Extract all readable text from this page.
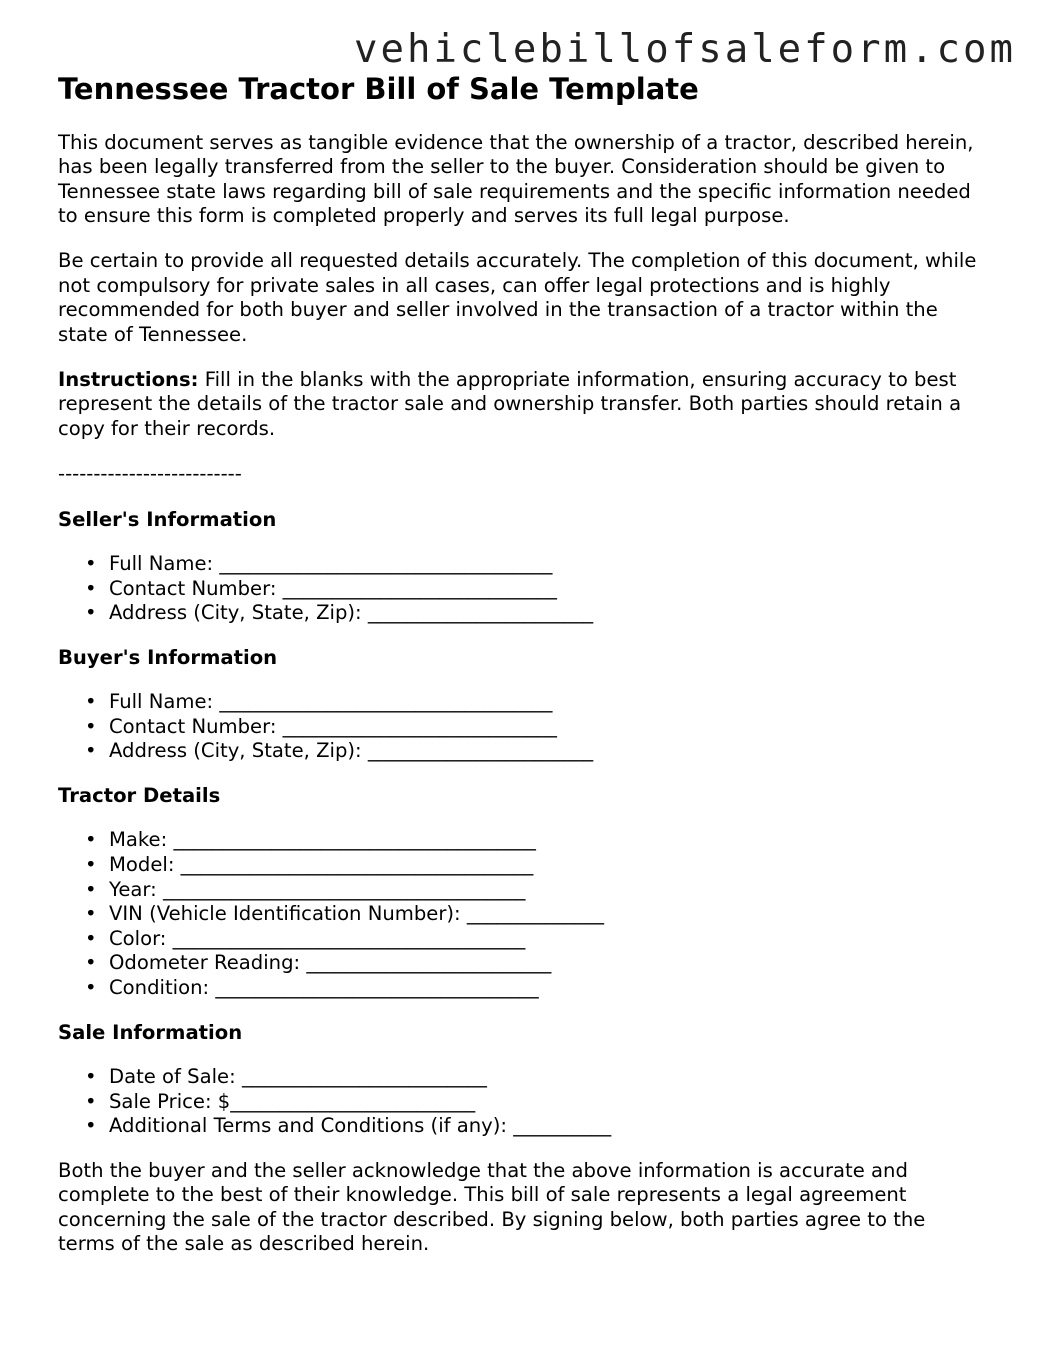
vehiclebillofsaleform.com
Tennessee Tractor Bill of Sale Template

This document serves as tangible evidence that the ownership of a tractor, described herein, has been legally transferred from the seller to the buyer. Consideration should be given to Tennessee state laws regarding bill of sale requirements and the specific information needed to ensure this form is completed properly and serves its full legal purpose.

Be certain to provide all requested details accurately. The completion of this document, while not compulsory for private sales in all cases, can offer legal protections and is highly recommended for both buyer and seller involved in the transaction of a tractor within the state of Tennessee.

Instructions: Fill in the blanks with the appropriate information, ensuring accuracy to best represent the details of the tractor sale and ownership transfer. Both parties should retain a copy for their records.

--------------------------
Seller's Information
• Full Name: __________________________________
• Contact Number: ____________________________
• Address (City, State, Zip): _______________________
Buyer's Information
• Full Name: __________________________________
• Contact Number: ____________________________
• Address (City, State, Zip): _______________________
Tractor Details
• Make: _____________________________________
• Model: ____________________________________
• Year: _____________________________________
• VIN (Vehicle Identification Number): ______________
• Color: ____________________________________
• Odometer Reading: _________________________
• Condition: _________________________________
Sale Information
• Date of Sale: _________________________
• Sale Price: $_________________________
• Additional Terms and Conditions (if any): __________

Both the buyer and the seller acknowledge that the above information is accurate and complete to the best of their knowledge. This bill of sale represents a legal agreement concerning the sale of the tractor described. By signing below, both parties agree to the terms of the sale as described herein.
